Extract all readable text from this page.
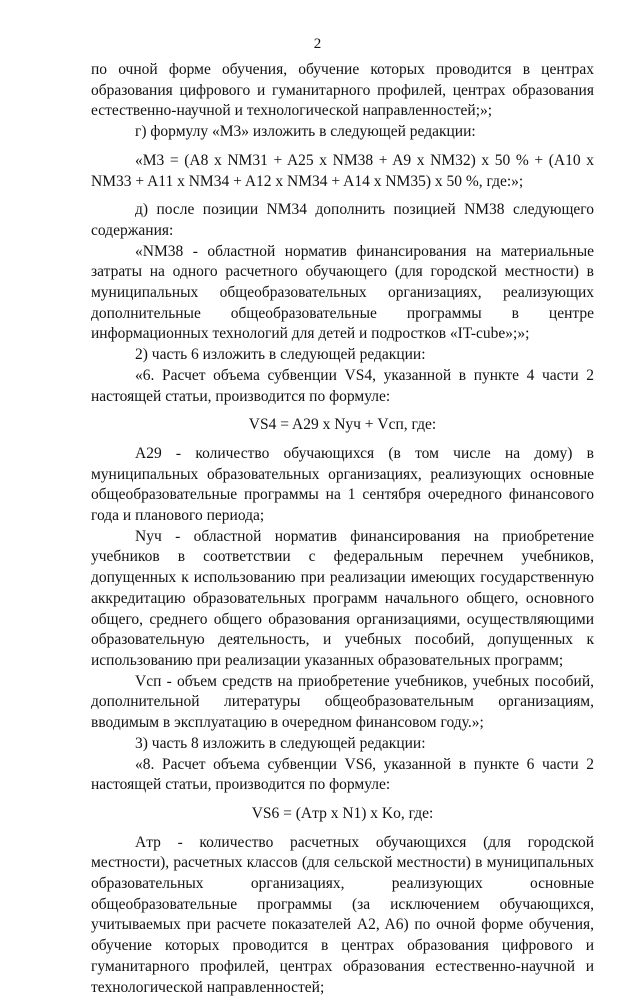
2

по очной форме обучения, обучение которых проводится в центрах образования цифрового и гуманитарного профилей, центрах образования естественно-научной и технологической направленностей;»;

г) формулу «M3» изложить в следующей редакции:

«M3 = (A8 x NM31 + A25 x NM38 + A9 x NM32) x 50 % + (A10 x NM33 + A11 x NM34 + A12 x NM34 + A14 x NM35) x 50 %, где:»;

д) после позиции NM34 дополнить позицией NM38 следующего содержания:

«NM38 - областной норматив финансирования на материальные затраты на одного расчетного обучающего (для городской местности) в муниципальных общеобразовательных организациях, реализующих дополнительные общеобразовательные программы в центре информационных технологий для детей и подростков «IT-cube»;»;

2) часть 6 изложить в следующей редакции:

«6. Расчет объема субвенции VS4, указанной в пункте 4 части 2 настоящей статьи, производится по формуле:

VS4 = A29 x Nуч + Vсп, где:

A29 - количество обучающихся (в том числе на дому) в муниципальных образовательных организациях, реализующих основные общеобразовательные программы на 1 сентября очередного финансового года и планового периода;

Nуч - областной норматив финансирования на приобретение учебников в соответствии с федеральным перечнем учебников, допущенных к использованию при реализации имеющих государственную аккредитацию образовательных программ начального общего, основного общего, среднего общего образования организациями, осуществляющими образовательную деятельность, и учебных пособий, допущенных к использованию при реализации указанных образовательных программ;

Vсп - объем средств на приобретение учебников, учебных пособий, дополнительной литературы общеобразовательным организациям, вводимым в эксплуатацию в очередном финансовом году.»;

3) часть 8 изложить в следующей редакции:

«8. Расчет объема субвенции VS6, указанной в пункте 6 части 2 настоящей статьи, производится по формуле:

VS6 = (Aтр x N1) x Kо, где:

Aтр - количество расчетных обучающихся (для городской местности), расчетных классов (для сельской местности) в муниципальных образовательных организациях, реализующих основные общеобразовательные программы (за исключением обучающихся, учитываемых при расчете показателей A2, A6) по очной форме обучения, обучение которых проводится в центрах образования цифрового и гуманитарного профилей, центрах образования естественно-научной и технологической направленностей;
